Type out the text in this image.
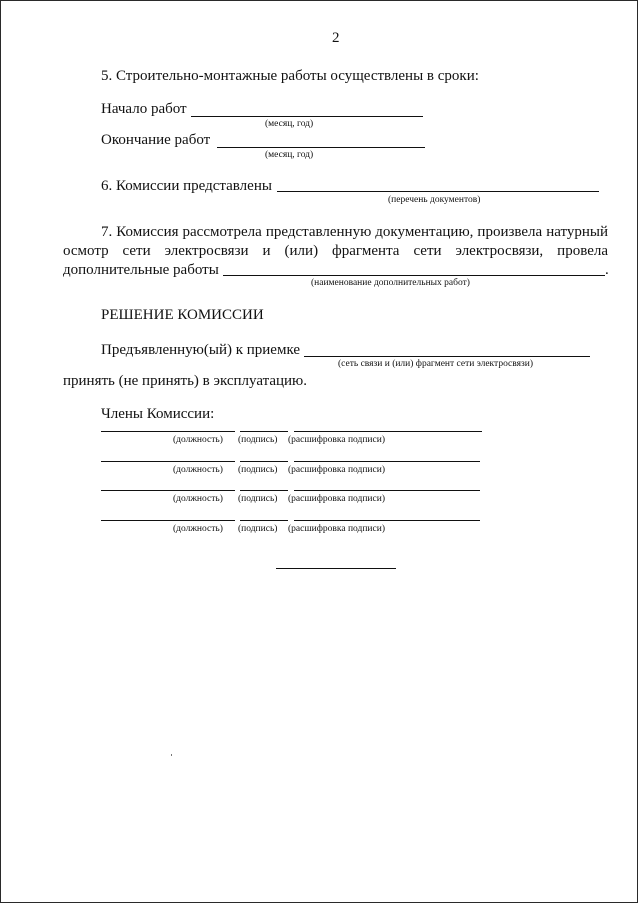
2
5. Строительно-монтажные работы осуществлены в сроки:
Начало работ
(месяц, год)
Окончание работ
(месяц, год)
6. Комиссии представлены
(перечень документов)
7. Комиссия рассмотрела представленную документацию, произвела натурный
осмотр сети электросвязи и (или) фрагмента сети электросвязи, провела
дополнительные работы	.
(наименование дополнительных работ)
РЕШЕНИЕ КОМИССИИ
Предъявленную(ый) к приемке
(сеть связи и (или) фрагмент сети электросвязи)
принять (не принять) в эксплуатацию.
Члены Комиссии:
(должность) (подпись) (расшифровка подписи)
(должность) (подпись) (расшифровка подписи)
(должность) (подпись) (расшифровка подписи)
(должность) (подпись) (расшифровка подписи)
